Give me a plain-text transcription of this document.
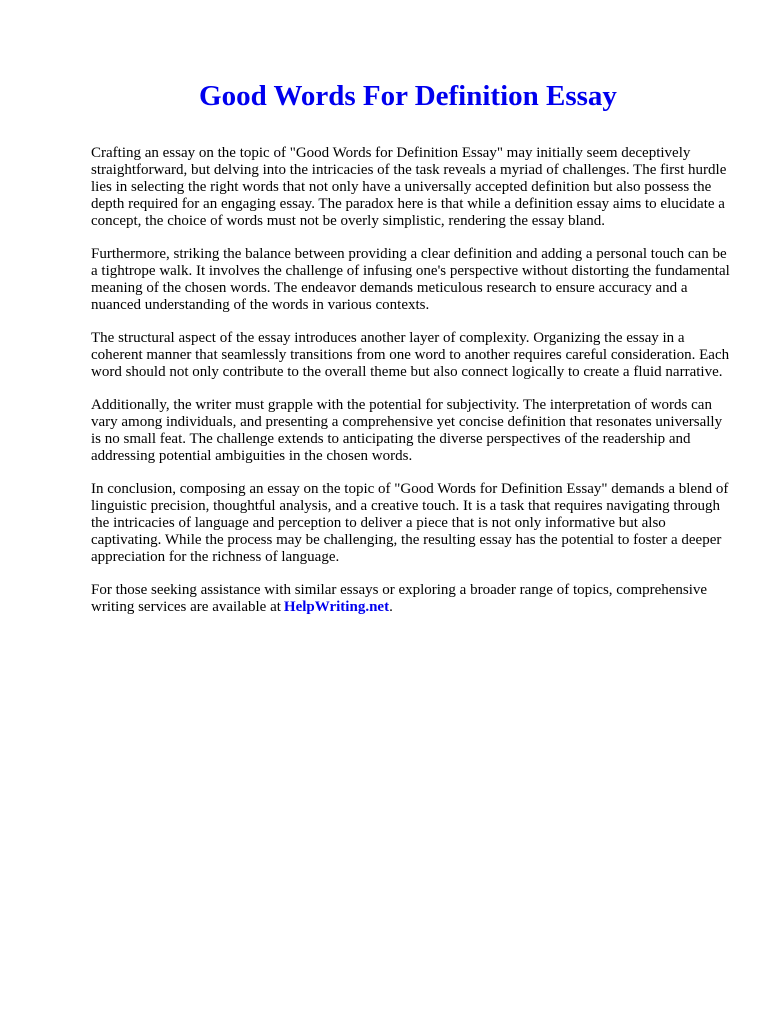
Good Words For Definition Essay

Crafting an essay on the topic of "Good Words for Definition Essay" may initially seem deceptively straightforward, but delving into the intricacies of the task reveals a myriad of challenges. The first hurdle lies in selecting the right words that not only have a universally accepted definition but also possess the depth required for an engaging essay. The paradox here is that while a definition essay aims to elucidate a concept, the choice of words must not be overly simplistic, rendering the essay bland.

Furthermore, striking the balance between providing a clear definition and adding a personal touch can be a tightrope walk. It involves the challenge of infusing one's perspective without distorting the fundamental meaning of the chosen words. The endeavor demands meticulous research to ensure accuracy and a nuanced understanding of the words in various contexts.

The structural aspect of the essay introduces another layer of complexity. Organizing the essay in a coherent manner that seamlessly transitions from one word to another requires careful consideration. Each word should not only contribute to the overall theme but also connect logically to create a fluid narrative.

Additionally, the writer must grapple with the potential for subjectivity. The interpretation of words can vary among individuals, and presenting a comprehensive yet concise definition that resonates universally is no small feat. The challenge extends to anticipating the diverse perspectives of the readership and addressing potential ambiguities in the chosen words.

In conclusion, composing an essay on the topic of "Good Words for Definition Essay" demands a blend of linguistic precision, thoughtful analysis, and a creative touch. It is a task that requires navigating through the intricacies of language and perception to deliver a piece that is not only informative but also captivating. While the process may be challenging, the resulting essay has the potential to foster a deeper appreciation for the richness of language.

For those seeking assistance with similar essays or exploring a broader range of topics, comprehensive writing services are available at HelpWriting.net.
